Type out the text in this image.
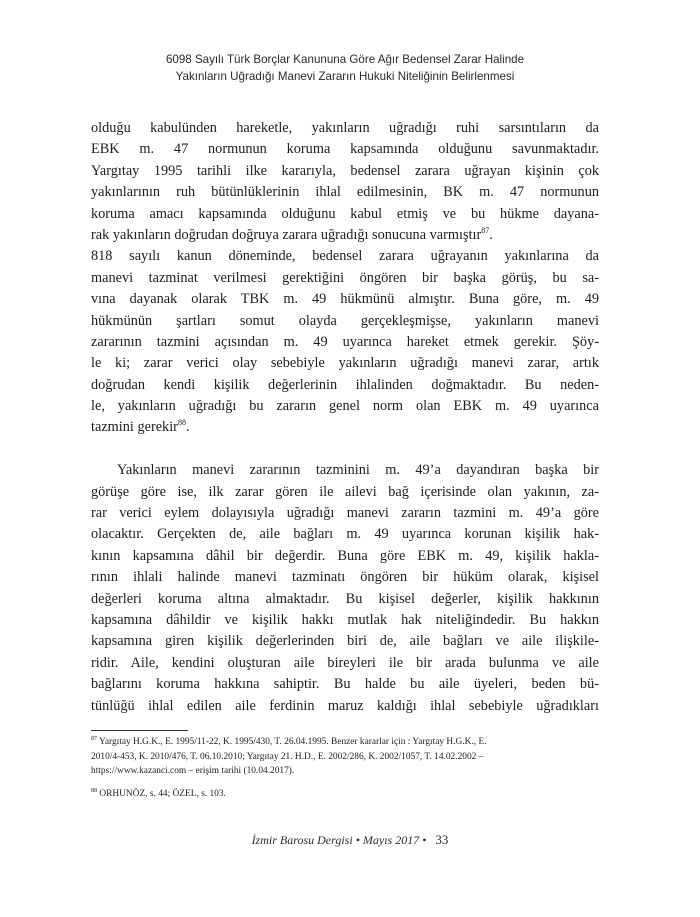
6098 Sayılı Türk Borçlar Kanununa Göre Ağır Bedensel Zarar Halinde
Yakınların Uğradığı Manevi Zararın Hukuki Niteliğinin Belirlenmesi
olduğu kabulünden hareketle, yakınların uğradığı ruhi sarsıntıların da
EBK m. 47 normunun koruma kapsamında olduğunu savunmaktadır.
Yargıtay 1995 tarihli ilke kararıyla, bedensel zarara uğrayan kişinin çok
yakınlarının ruh bütünlüklerinin ihlal edilmesinin, BK m. 47 normunun
koruma amacı kapsamında olduğunu kabul etmiş ve bu hükme dayana-
rak yakınların doğrudan doğruya zarara uğradığı sonucuna varmıştır$^{87}$.
818 sayılı kanun döneminde, bedensel zarara uğrayanın yakınlarına da
manevi tazminat verilmesi gerektiğini öngören bir başka görüş, bu sa-
vına dayanak olarak TBK m. 49 hükmünü almıştır. Buna göre, m. 49
hükmünün şartları somut olayda gerçekleşmişse, yakınların manevi
zararının tazmini açısından m. 49 uyarınca hareket etmek gerekir. Şöy-
le ki; zarar verici olay sebebiyle yakınların uğradığı manevi zarar, artık
doğrudan kendi kişilik değerlerinin ihlalinden doğmaktadır. Bu neden-
le, yakınların uğradığı bu zararın genel norm olan EBK m. 49 uyarınca
tazmini gerekir$^{88}$.
Yakınların manevi zararının tazminini m. 49’a dayandıran başka bir
görüşe göre ise, ilk zarar gören ile ailevi bağ içerisinde olan yakının, za-
rar verici eylem dolayısıyla uğradığı manevi zararın tazmini m. 49’a göre
olacaktır. Gerçekten de, aile bağları m. 49 uyarınca korunan kişilik hak-
kının kapsamına dâhil bir değerdir. Buna göre EBK m. 49, kişilik hakla-
rının ihlali halinde manevi tazminatı öngören bir hüküm olarak, kişisel
değerleri koruma altına almaktadır. Bu kişisel değerler, kişilik hakkının
kapsamına dâhildir ve kişilik hakkı mutlak hak niteliğindedir. Bu hakkın
kapsamına giren kişilik değerlerinden biri de, aile bağları ve aile ilişkile-
ridir. Aile, kendini oluşturan aile bireyleri ile bir arada bulunma ve aile
bağlarını koruma hakkına sahiptir. Bu halde bu aile üyeleri, beden bü-
tünlüğü ihlal edilen aile ferdinin maruz kaldığı ihlal sebebiyle uğradıkları
$^{87}$ Yargıtay H.G.K., E. 1995/11-22, K. 1995/430, T. 26.04.1995. Benzer kararlar için : Yargıtay H.G.K., E.
2010/4-453, K. 2010/476, T. 06.10.2010; Yargıtay 21. H.D., E. 2002/286, K. 2002/1057, T. 14.02.2002 –
https://www.kazanci.com – erişim tarihi (10.04.2017).
$^{88}$ ORHUNÖZ, s. 44; ÖZEL, s. 103.
İzmir Barosu Dergisi • Mayıs 2017 • 33
